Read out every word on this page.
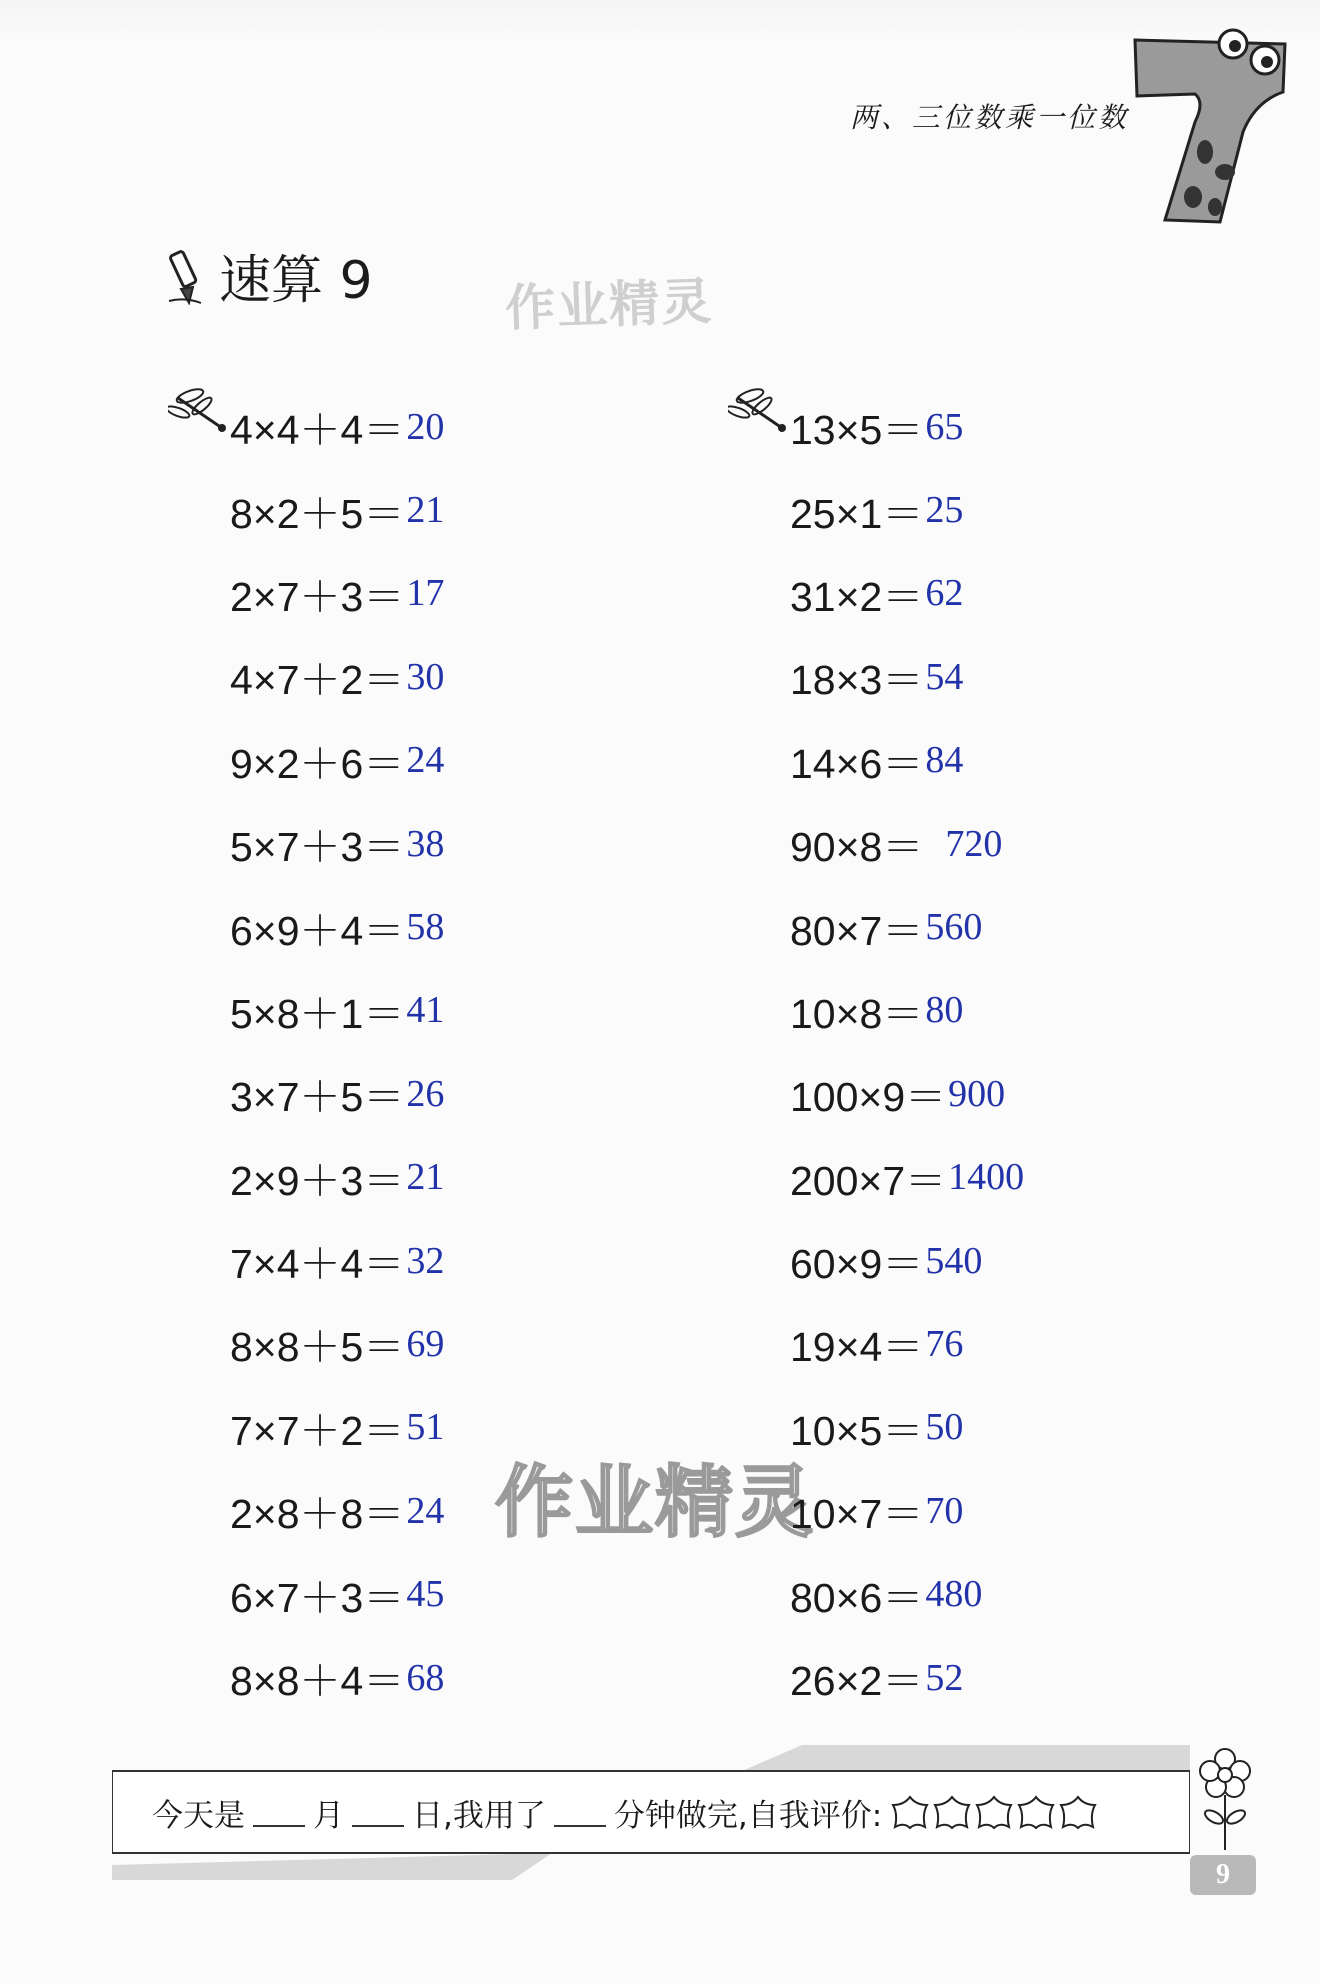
两、三位数乘一位数
速算 9	作业精灵
作业精灵
4×4＋4＝ 20
8×2＋5＝ 21
2×7＋3＝ 17
4×7＋2＝ 30
9×2＋6＝ 24
5×7＋3＝ 38
6×9＋4＝ 58
5×8＋1＝ 41
3×7＋5＝ 26
2×9＋3＝ 21
7×4＋4＝ 32
8×8＋5＝ 69
7×7＋2＝ 51
2×8＋8＝ 24
6×7＋3＝ 45
8×8＋4＝ 68
13×5＝ 65
25×1＝ 25
31×2＝ 62
18×3＝ 54
14×6＝ 84
90×8＝ 720
80×7＝ 560
10×8＝ 80
100×9＝ 900
200×7＝ 1400
60×9＝ 540
19×4＝ 76
10×5＝ 50
10×7＝ 70
80×6＝ 480
26×2＝ 52
今天是 月 日,我用了 分钟做完,自我评价:
9
